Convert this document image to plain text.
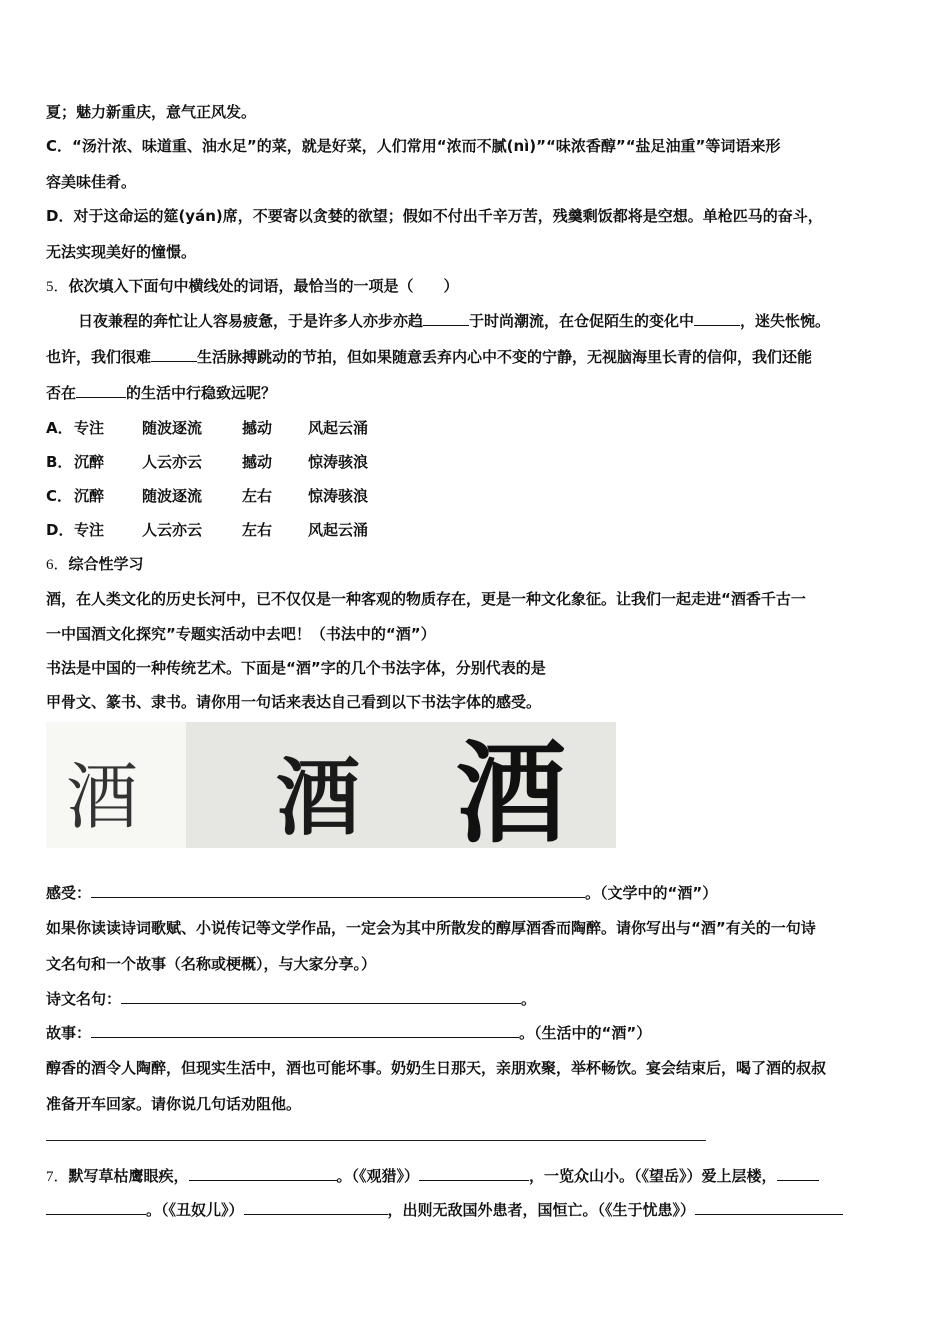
夏；魅力新重庆，意气正风发。
C．“汤汁浓、味道重、油水足”的菜，就是好菜，人们常用“浓而不腻(nì)”“味浓香醇”“盐足油重”等词语来形
容美味佳肴。
D．对于这命运的筵(yán)席，不要寄以贪婪的欲望；假如不付出千辛万苦，残羹剩饭都将是空想。单枪匹马的奋斗，
无法实现美好的憧憬。
5．依次填入下面句中横线处的词语，最恰当的一项是（　　）
日夜兼程的奔忙让人容易疲惫，于是许多人亦步亦趋	于时尚潮流，在仓促陌生的变化中	，迷失怅惋。
也许，我们很难	生活脉搏跳动的节拍，但如果随意丢弃内心中不变的宁静，无视脑海里长青的信仰，我们还能
否在	的生活中行稳致远呢？
A．专注	随波逐流	撼动 风起云涌
B． 沉醉	人云亦云	撼动 惊涛骇浪
C． 沉醉	随波逐流	左右 惊涛骇浪
D．专注	人云亦云	左右 风起云涌
6．综合性学习
酒，在人类文化的历史长河中，已不仅仅是一种客观的物质存在，更是一种文化象征。让我们一起走进“酒香千古一
一中国酒文化探究”专题实活动中去吧！（书法中的“酒”）
书法是中国的一种传统艺术。下面是“酒”字的几个书法字体，分别代表的是
甲骨文、篆书、隶书。请你用一句话来表达自己看到以下书法字体的感受。
酒 酒 酒
感受：	。（文学中的“酒”）
如果你读读诗词歌赋、小说传记等文学作品，一定会为其中所散发的醇厚酒香而陶醉。请你写出与“酒”有关的一句诗
文名句和一个故事（名称或梗概），与大家分享。）
诗文名句：	。
故事：	。（生活中的“酒”）
醇香的酒令人陶醉，但现实生活中，酒也可能坏事。奶奶生日那天，亲朋欢聚，举杯畅饮。宴会结束后，喝了酒的叔叔
准备开车回家。请你说几句话劝阻他。
7．默写草枯鹰眼疾，	。（《观猎》）	，一览众山小。（《望岳》）爱上层楼，
。（《丑奴儿》）	，出则无敌国外患者，国恒亡。（《生于忧患》）
